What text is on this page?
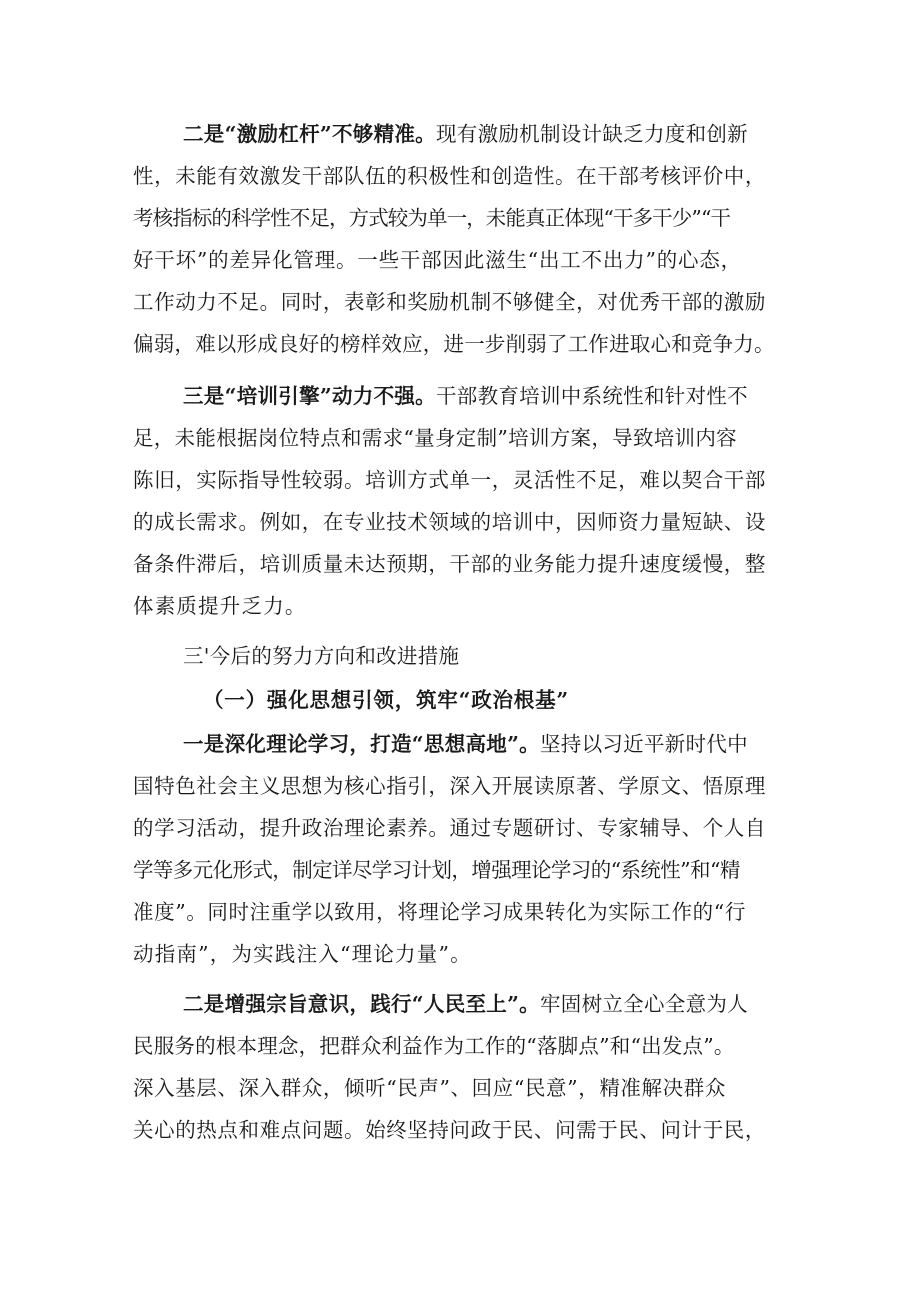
二是“激励杠杆”不够精准。现有激励机制设计缺乏力度和创新
性，未能有效激发干部队伍的积极性和创造性。在干部考核评价中，
考核指标的科学性不足，方式较为单一，未能真正体现“干多干少”“干
好干坏”的差异化管理。一些干部因此滋生“出工不出力”的心态，
工作动力不足。同时，表彰和奖励机制不够健全，对优秀干部的激励
偏弱，难以形成良好的榜样效应，进一步削弱了工作进取心和竞争力。
三是“培训引擎”动力不强。干部教育培训中系统性和针对性不
足，未能根据岗位特点和需求“量身定制”培训方案，导致培训内容
陈旧，实际指导性较弱。培训方式单一，灵活性不足，难以契合干部
的成长需求。例如，在专业技术领域的培训中，因师资力量短缺、设
备条件滞后，培训质量未达预期，干部的业务能力提升速度缓慢，整
体素质提升乏力。
三'今后的努力方向和改进措施
（一）强化思想引领，筑牢“政治根基”
一是深化理论学习，打造“思想高地”。坚持以习近平新时代中
国特色社会主义思想为核心指引，深入开展读原著、学原文、悟原理
的学习活动，提升政治理论素养。通过专题研讨、专家辅导、个人自
学等多元化形式，制定详尽学习计划，增强理论学习的“系统性”和“精
准度”。同时注重学以致用，将理论学习成果转化为实际工作的“行
动指南”，为实践注入“理论力量”。
二是增强宗旨意识，践行“人民至上”。牢固树立全心全意为人
民服务的根本理念，把群众利益作为工作的“落脚点”和“出发点”。
深入基层、深入群众，倾听“民声”、回应“民意”，精准解决群众
关心的热点和难点问题。始终坚持问政于民、问需于民、问计于民，
